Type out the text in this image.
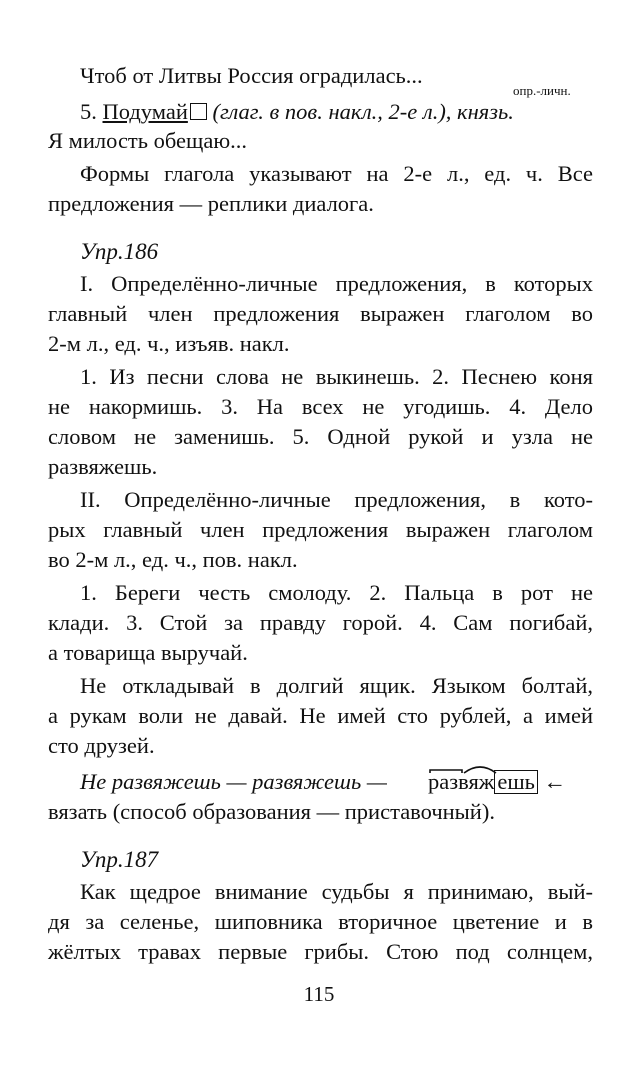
Чтоб от Литвы Россия оградилась...
опр.-личн.
5. Подумай (глаг. в пов. накл., 2-е л.), князь.
Я милость обещаю...
Формы глагола указывают на 2-е л., ед. ч. Все
предложения — реплики диалога.
Упр.186
I. Определённо-личные предложения, в которых
главный член предложения выражен глаголом во
2-м л., ед. ч., изъяв. накл.
1. Из песни слова не выкинешь. 2. Песнею коня
не накормишь. 3. На всех не угодишь. 4. Дело
словом не заменишь. 5. Одной рукой и узла не
развяжешь.
II. Определённо-личные предложения, в кото-
рых главный член предложения выражен глаголом
во 2-м л., ед. ч., пов. накл.
1. Береги честь смолоду. 2. Пальца в рот не
клади. 3. Стой за правду горой. 4. Сам погибай,
а товарища выручай.
Не откладывай в долгий ящик. Языком болтай,
а рукам воли не давай. Не имей сто рублей, а имей
сто друзей.
Не развяжешь — развяжешь —	развяж ешь ←
вязать (способ образования — приставочный).
Упр.187
Как щедрое внимание судьбы я принимаю, вый-
дя за селенье, шиповника вторичное цветение и в
жёлтых травах первые грибы. Стою под солнцем,
115
